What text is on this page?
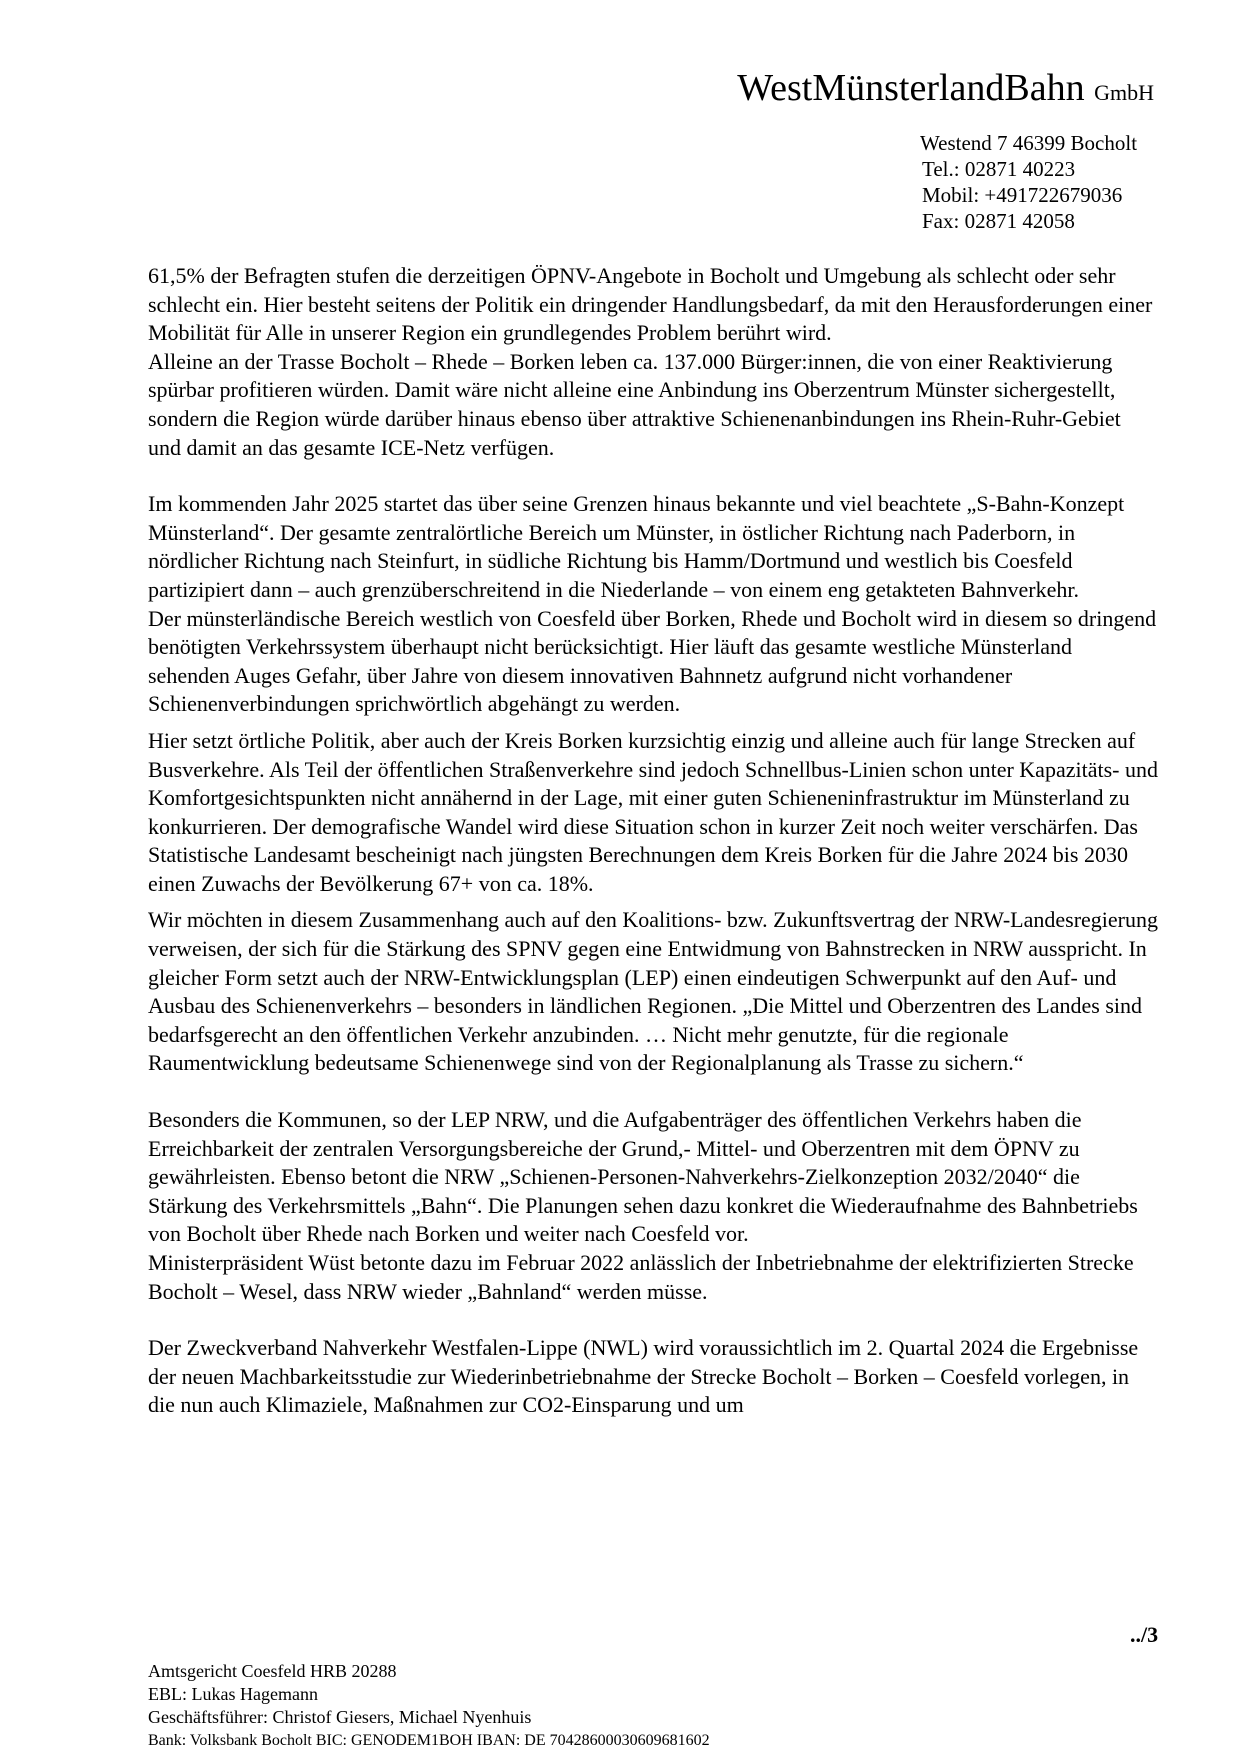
WestMünsterlandBahn GmbH
Westend 7 46399 Bocholt
Tel.: 02871 40223
Mobil: +491722679036
Fax: 02871 42058

61,5% der Befragten stufen die derzeitigen ÖPNV-Angebote in Bocholt und Umgebung als schlecht oder sehr schlecht ein. Hier besteht seitens der Politik ein dringender Handlungsbedarf, da mit den Herausforderungen einer Mobilität für Alle in unserer Region ein grundlegendes Problem berührt wird.

Alleine an der Trasse Bocholt – Rhede – Borken leben ca. 137.000 Bürger:innen, die von einer Reaktivierung spürbar profitieren würden. Damit wäre nicht alleine eine Anbindung ins Oberzentrum Münster sichergestellt, sondern die Region würde darüber hinaus ebenso über attraktive Schienenanbindungen ins Rhein-Ruhr-Gebiet und damit an das gesamte ICE-Netz verfügen.

Im kommenden Jahr 2025 startet das über seine Grenzen hinaus bekannte und viel beachtete „S-Bahn-Konzept Münsterland“. Der gesamte zentralörtliche Bereich um Münster, in östlicher Richtung nach Paderborn, in nördlicher Richtung nach Steinfurt, in südliche Richtung bis Hamm/Dortmund und westlich bis Coesfeld partizipiert dann – auch grenzüberschreitend in die Niederlande – von einem eng getakteten Bahnverkehr.

Der münsterländische Bereich westlich von Coesfeld über Borken, Rhede und Bocholt wird in diesem so dringend benötigten Verkehrssystem überhaupt nicht berücksichtigt. Hier läuft das gesamte westliche Münsterland sehenden Auges Gefahr, über Jahre von diesem innovativen Bahnnetz aufgrund nicht vorhandener Schienenverbindungen sprichwörtlich abgehängt zu werden.

Hier setzt örtliche Politik, aber auch der Kreis Borken kurzsichtig einzig und alleine auch für lange Strecken auf Busverkehre. Als Teil der öffentlichen Straßenverkehre sind jedoch Schnellbus-Linien schon unter Kapazitäts- und Komfortgesichtspunkten nicht annähernd in der Lage, mit einer guten Schieneninfrastruktur im Münsterland zu konkurrieren. Der demografische Wandel wird diese Situation schon in kurzer Zeit noch weiter verschärfen. Das Statistische Landesamt bescheinigt nach jüngsten Berechnungen dem Kreis Borken für die Jahre 2024 bis 2030 einen Zuwachs der Bevölkerung 67+ von ca. 18%.

Wir möchten in diesem Zusammenhang auch auf den Koalitions- bzw. Zukunftsvertrag der NRW-Landesregierung verweisen, der sich für die Stärkung des SPNV gegen eine Entwidmung von Bahnstrecken in NRW ausspricht. In gleicher Form setzt auch der NRW-Entwicklungsplan (LEP) einen eindeutigen Schwerpunkt auf den Auf- und Ausbau des Schienenverkehrs – besonders in ländlichen Regionen. „Die Mittel und Oberzentren des Landes sind bedarfsgerecht an den öffentlichen Verkehr anzubinden. … Nicht mehr genutzte, für die regionale Raumentwicklung bedeutsame Schienenwege sind von der Regionalplanung als Trasse zu sichern.“

Besonders die Kommunen, so der LEP NRW, und die Aufgabenträger des öffentlichen Verkehrs haben die Erreichbarkeit der zentralen Versorgungsbereiche der Grund,- Mittel- und Oberzentren mit dem ÖPNV zu gewährleisten. Ebenso betont die NRW „Schienen-Personen-Nahverkehrs-Zielkonzeption 2032/2040“ die Stärkung des Verkehrsmittels „Bahn“. Die Planungen sehen dazu konkret die Wiederaufnahme des Bahnbetriebs von Bocholt über Rhede nach Borken und weiter nach Coesfeld vor.

Ministerpräsident Wüst betonte dazu im Februar 2022 anlässlich der Inbetriebnahme der elektrifizierten Strecke Bocholt – Wesel, dass NRW wieder „Bahnland“ werden müsse.

Der Zweckverband Nahverkehr Westfalen-Lippe (NWL) wird voraussichtlich im 2. Quartal 2024 die Ergebnisse der neuen Machbarkeitsstudie zur Wiederinbetriebnahme der Strecke Bocholt – Borken – Coesfeld vorlegen, in die nun auch Klimaziele, Maßnahmen zur CO2-Einsparung und um

../3
Amtsgericht Coesfeld HRB 20288
EBL: Lukas Hagemann
Geschäftsführer: Christof Giesers, Michael Nyenhuis
Bank: Volksbank Bocholt BIC: GENODEM1BOH IBAN: DE 70428600030609681602
